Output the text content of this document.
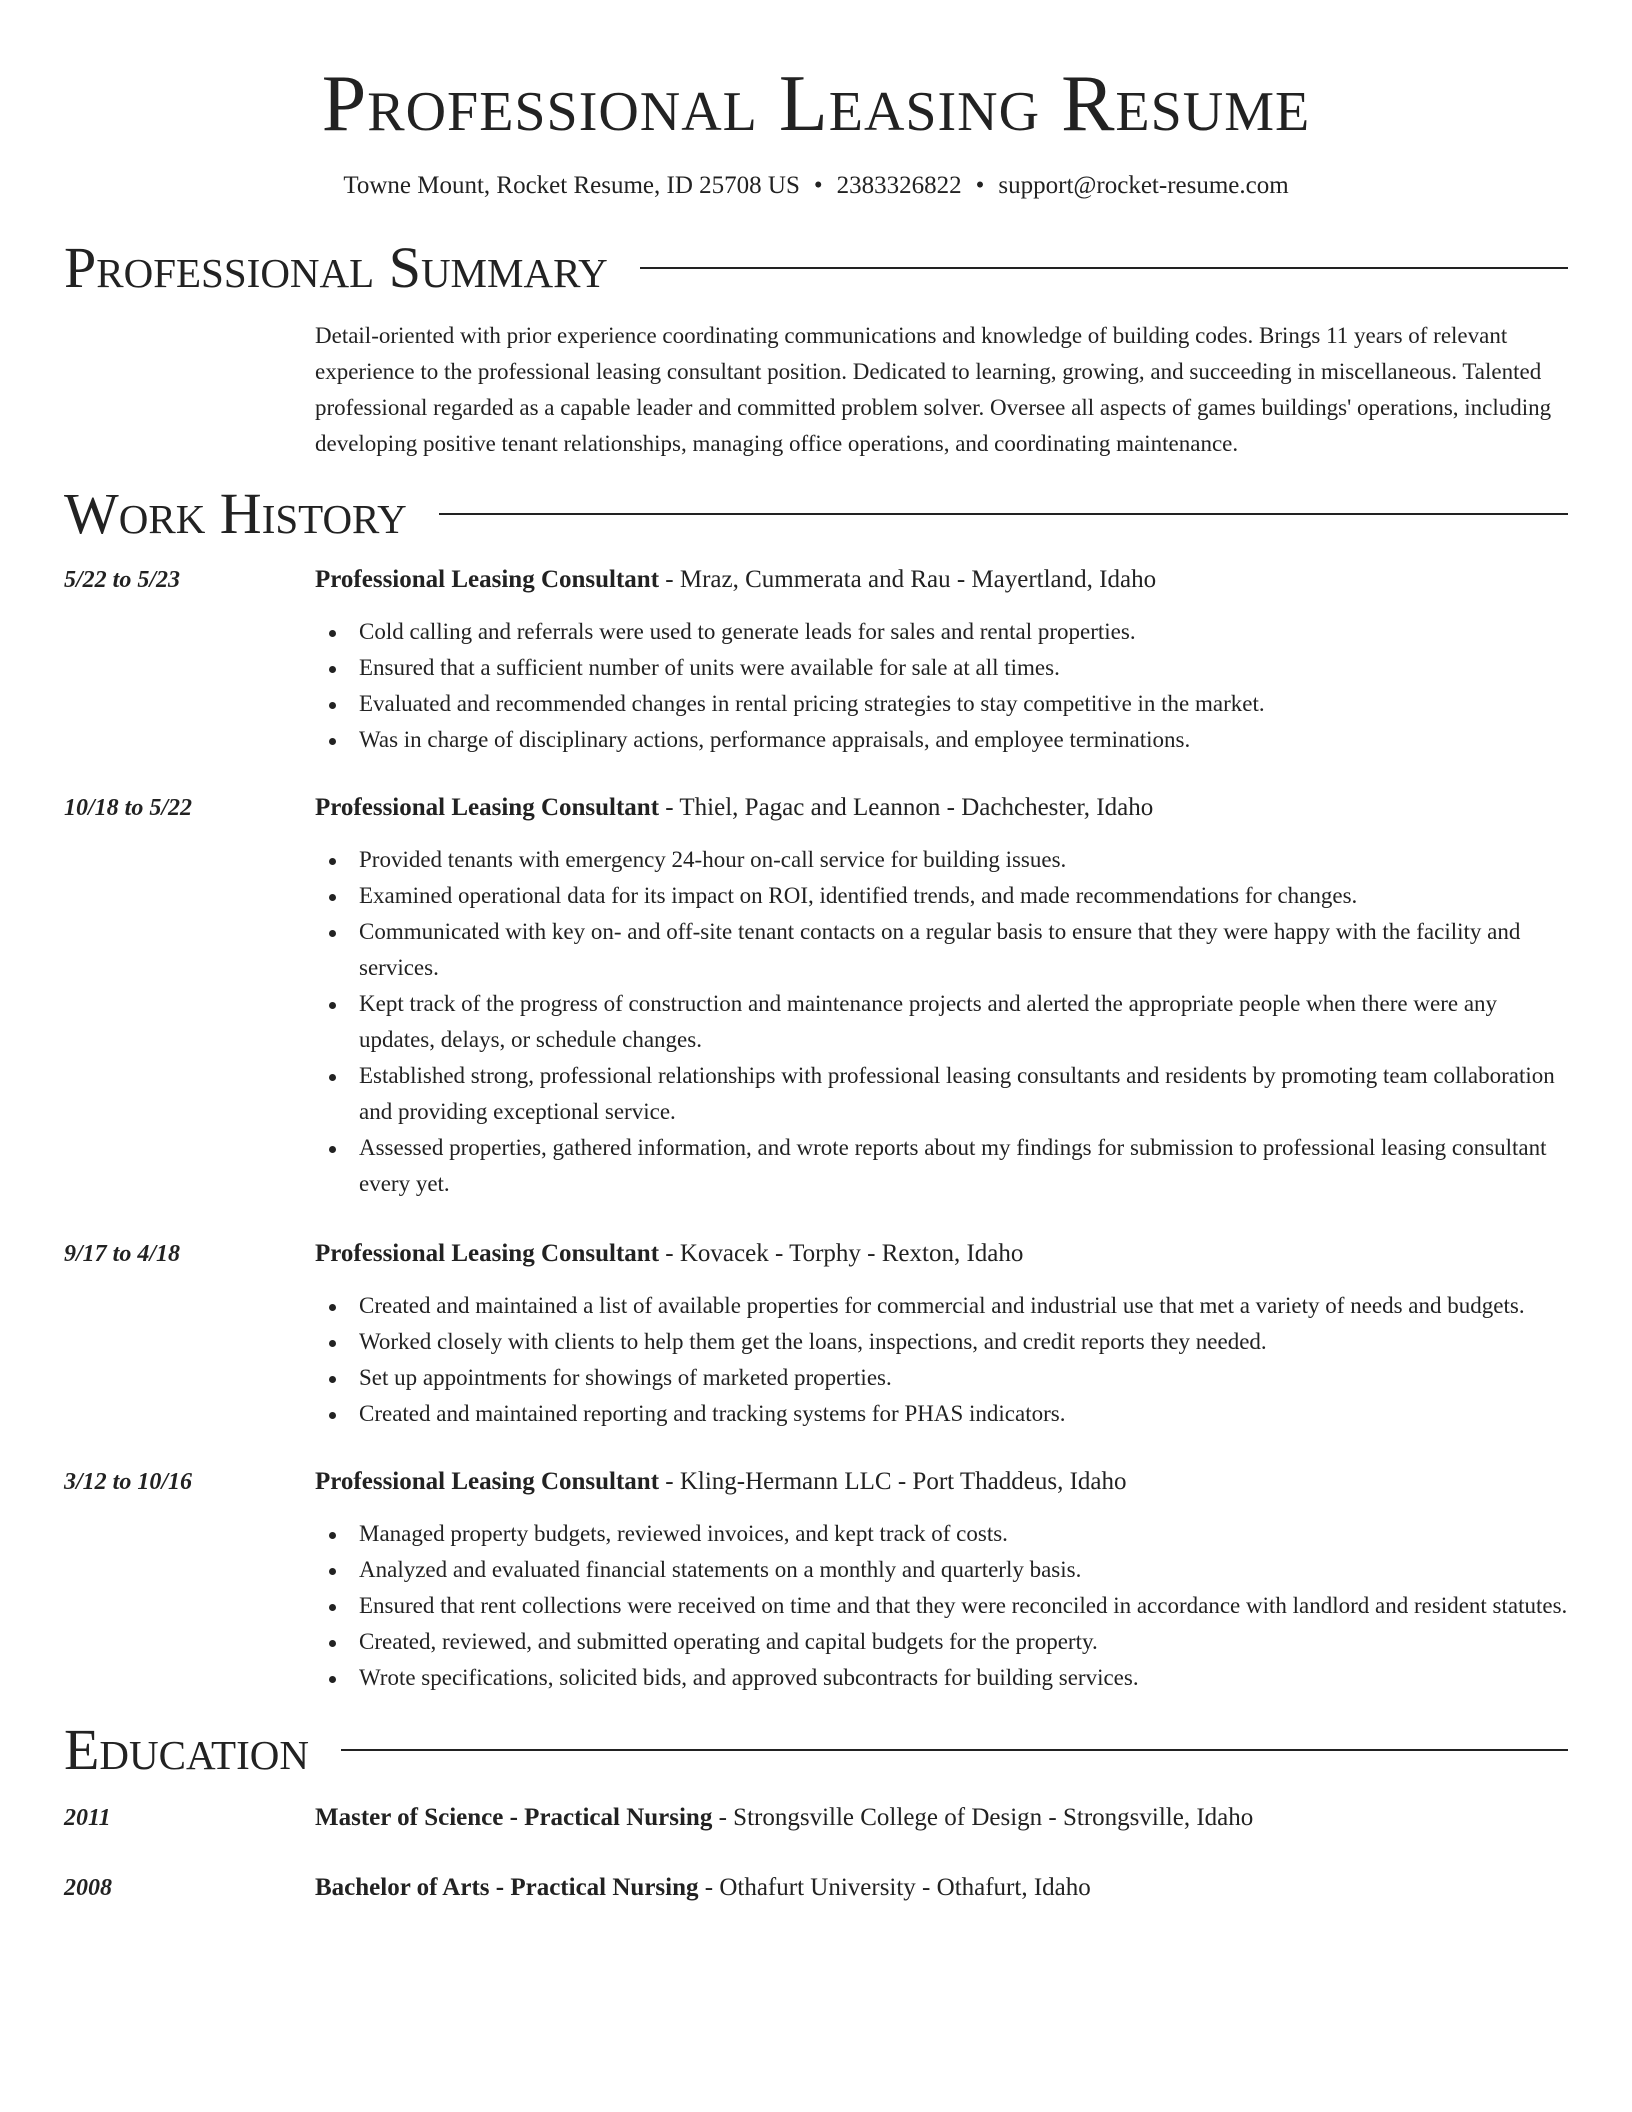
Professional Leasing Resume
Towne Mount, Rocket Resume, ID 25708 US • 2383326822 • support@rocket-resume.com
Professional Summary
Detail-oriented with prior experience coordinating communications and knowledge of building codes. Brings 11 years of relevant experience to the professional leasing consultant position. Dedicated to learning, growing, and succeeding in miscellaneous. Talented professional regarded as a capable leader and committed problem solver. Oversee all aspects of games buildings' operations, including developing positive tenant relationships, managing office operations, and coordinating maintenance.
Work History
5/22 to 5/23	Professional Leasing Consultant - Mraz, Cummerata and Rau - Mayertland, Idaho
Cold calling and referrals were used to generate leads for sales and rental properties.
Ensured that a sufficient number of units were available for sale at all times.
Evaluated and recommended changes in rental pricing strategies to stay competitive in the market.
Was in charge of disciplinary actions, performance appraisals, and employee terminations.
10/18 to 5/22	Professional Leasing Consultant - Thiel, Pagac and Leannon - Dachchester, Idaho
Provided tenants with emergency 24-hour on-call service for building issues.
Examined operational data for its impact on ROI, identified trends, and made recommendations for changes.
Communicated with key on- and off-site tenant contacts on a regular basis to ensure that they were happy with the facility and services.
Kept track of the progress of construction and maintenance projects and alerted the appropriate people when there were any updates, delays, or schedule changes.
Established strong, professional relationships with professional leasing consultants and residents by promoting team collaboration and providing exceptional service.
Assessed properties, gathered information, and wrote reports about my findings for submission to professional leasing consultant every yet.
9/17 to 4/18	Professional Leasing Consultant - Kovacek - Torphy - Rexton, Idaho
Created and maintained a list of available properties for commercial and industrial use that met a variety of needs and budgets.
Worked closely with clients to help them get the loans, inspections, and credit reports they needed.
Set up appointments for showings of marketed properties.
Created and maintained reporting and tracking systems for PHAS indicators.
3/12 to 10/16	Professional Leasing Consultant - Kling-Hermann LLC - Port Thaddeus, Idaho
Managed property budgets, reviewed invoices, and kept track of costs.
Analyzed and evaluated financial statements on a monthly and quarterly basis.
Ensured that rent collections were received on time and that they were reconciled in accordance with landlord and resident statutes.
Created, reviewed, and submitted operating and capital budgets for the property.
Wrote specifications, solicited bids, and approved subcontracts for building services.
Education
2011	Master of Science - Practical Nursing - Strongsville College of Design - Strongsville, Idaho
2008	Bachelor of Arts - Practical Nursing - Othafurt University - Othafurt, Idaho
